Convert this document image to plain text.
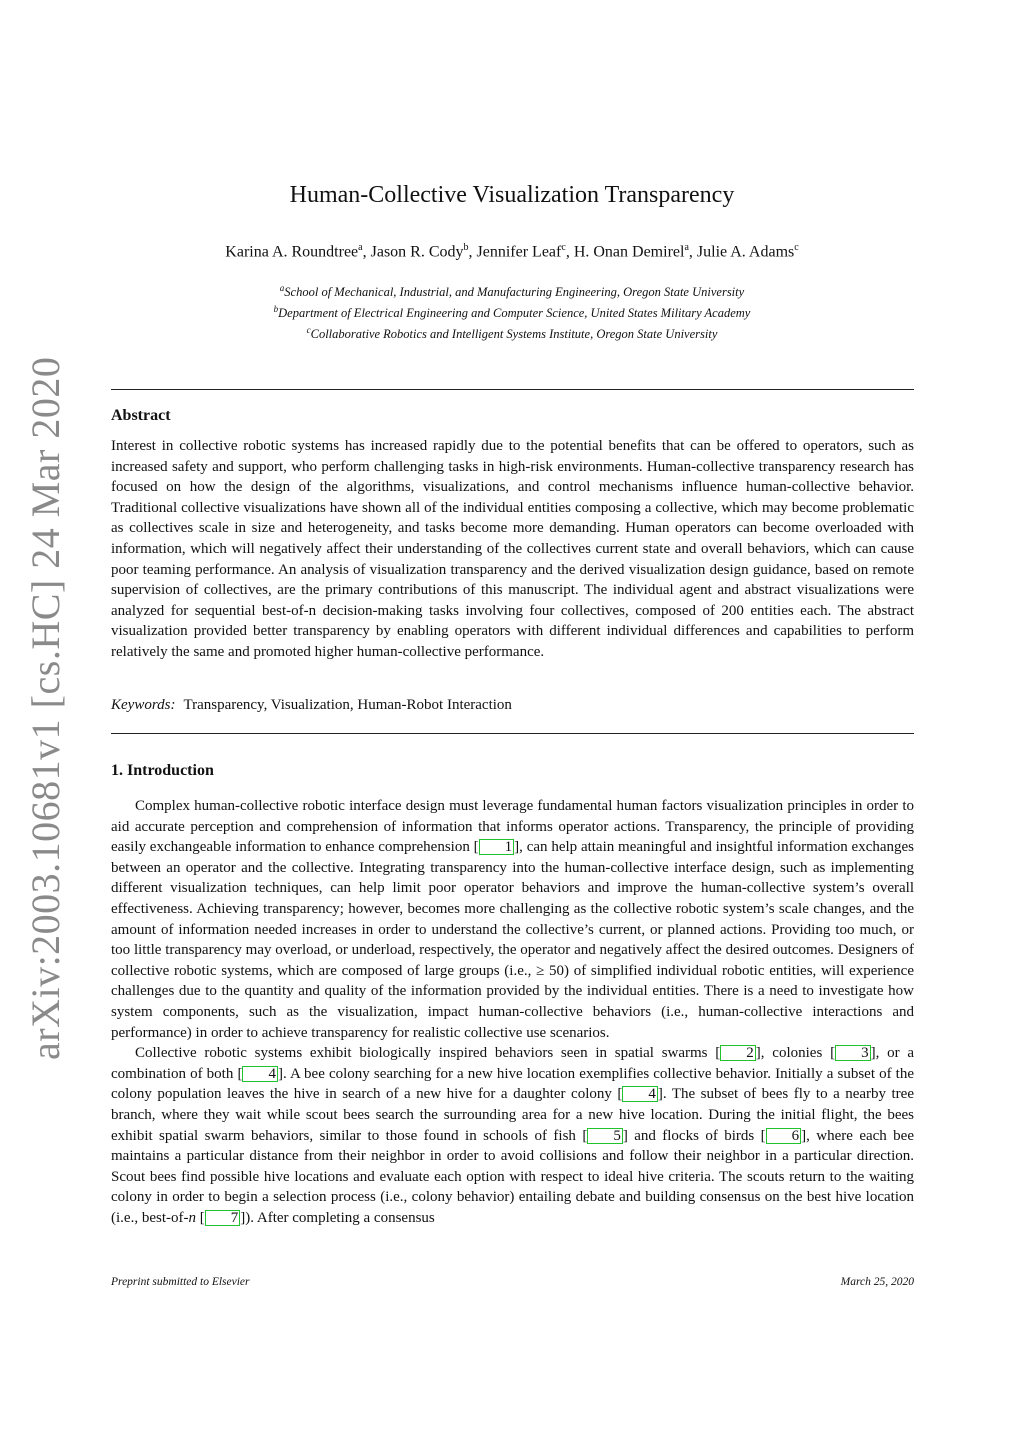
arXiv:2003.10681v1 [cs.HC] 24 Mar 2020
Human-Collective Visualization Transparency
Karina A. Roundtree$^a$, Jason R. Cody$^b$, Jennifer Leaf$^c$, H. Onan Demirel$^a$, Julie A. Adams$^c$
$^a$School of Mechanical, Industrial, and Manufacturing Engineering, Oregon State University
$^b$Department of Electrical Engineering and Computer Science, United States Military Academy
$^c$Collaborative Robotics and Intelligent Systems Institute, Oregon State University
Abstract

Interest in collective robotic systems has increased rapidly due to the potential benefits that can be offered to operators, such as increased safety and support, who perform challenging tasks in high-risk environments. Human-collective transparency research has focused on how the design of the algorithms, visualizations, and control mechanisms influence human-collective behavior. Traditional collective visualizations have shown all of the individual entities composing a collective, which may become problematic as collectives scale in size and heterogeneity, and tasks become more demanding. Human operators can become overloaded with information, which will negatively affect their understanding of the collectives current state and overall behaviors, which can cause poor teaming performance. An analysis of visualization transparency and the derived visualization design guidance, based on remote supervision of collectives, are the primary contributions of this manuscript. The individual agent and abstract visualizations were analyzed for sequential best-of-n decision-making tasks involving four collectives, composed of 200 entities each. The abstract visualization provided better transparency by enabling operators with different individual differences and capabilities to perform relatively the same and promoted higher human-collective performance.

Keywords: Transparency, Visualization, Human-Robot Interaction
1. Introduction

Complex human-collective robotic interface design must leverage fundamental human factors visualization principles in order to aid accurate perception and comprehension of information that informs operator actions. Transparency, the principle of providing easily exchangeable information to enhance comprehension [ 1 ], can help attain meaningful and insightful information exchanges between an operator and the collective. Integrating transparency into the human-collective interface design, such as implementing different visualization techniques, can help limit poor operator behaviors and improve the human-collective system’s overall effectiveness. Achieving transparency; however, becomes more challenging as the collective robotic system’s scale changes, and the amount of information needed increases in order to understand the collective’s current, or planned actions. Providing too much, or too little transparency may overload, or underload, respectively, the operator and negatively affect the desired outcomes. Designers of collective robotic systems, which are composed of large groups (i.e., ≥ 50) of simplified individual robotic entities, will experience challenges due to the quantity and quality of the information provided by the individual entities. There is a need to investigate how system components, such as the visualization, impact human-collective behaviors (i.e., human-collective interactions and performance) in order to achieve transparency for realistic collective use scenarios.

Collective robotic systems exhibit biologically inspired behaviors seen in spatial swarms [ 2 ], colonies [ 3 ], or a combination of both [ 4 ]. A bee colony searching for a new hive location exemplifies collective behavior. Initially a subset of the colony population leaves the hive in search of a new hive for a daughter colony [ 4 ]. The subset of bees fly to a nearby tree branch, where they wait while scout bees search the surrounding area for a new hive location. During the initial flight, the bees exhibit spatial swarm behaviors, similar to those found in schools of fish [ 5 ] and flocks of birds [ 6 ], where each bee maintains a particular distance from their neighbor in order to avoid collisions and follow their neighbor in a particular direction. Scout bees find possible hive locations and evaluate each option with respect to ideal hive criteria. The scouts return to the waiting colony in order to begin a selection process (i.e., colony behavior) entailing debate and building consensus on the best hive location (i.e., best-of-n [ 7 ]). After completing a consensus

Preprint submitted to Elsevier	March 25, 2020
